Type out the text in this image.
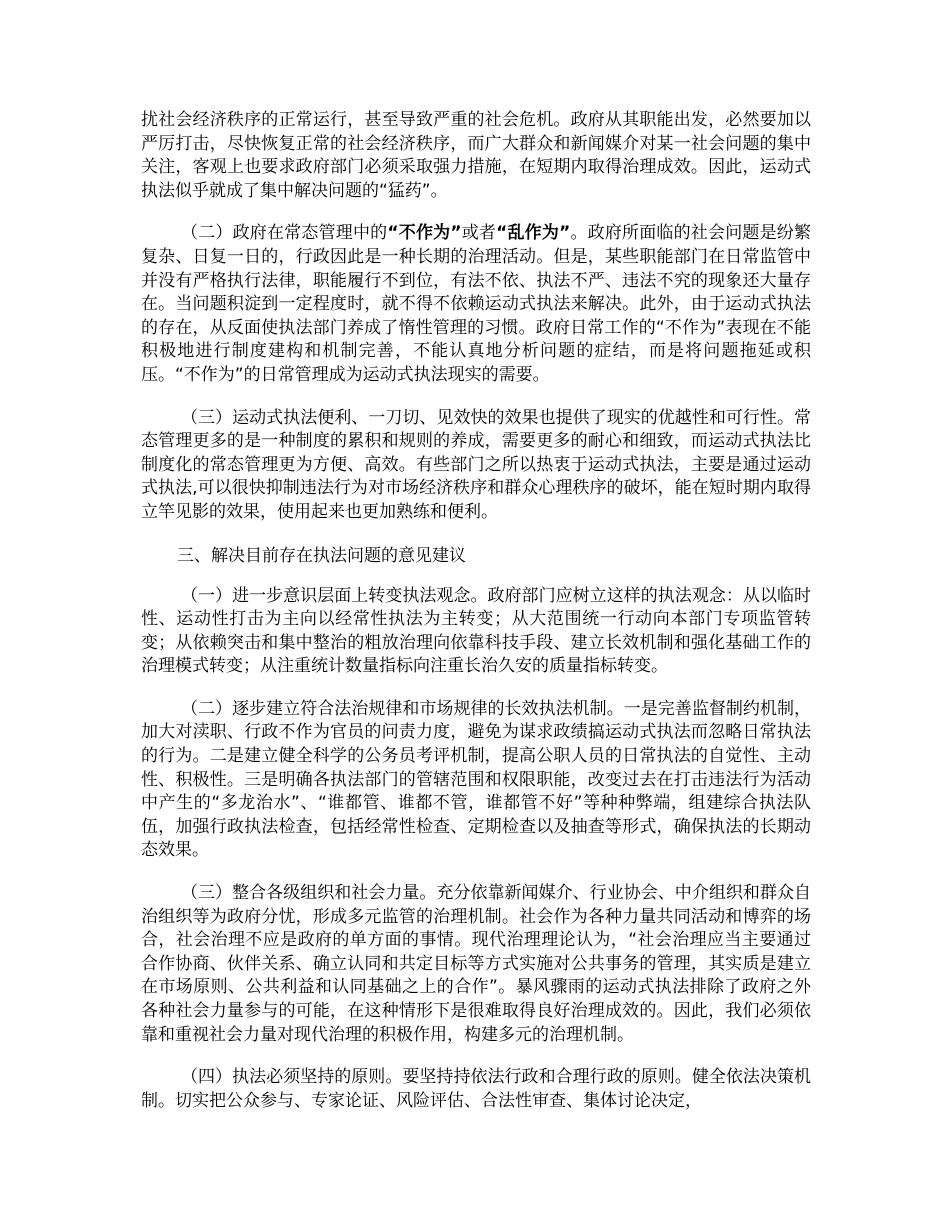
扰社会经济秩序的正常运行，甚至导致严重的社会危机。政府从其职能出发，必然要加以严厉打击，尽快恢复正常的社会经济秩序，而广大群众和新闻媒介对某一社会问题的集中关注，客观上也要求政府部门必须采取强力措施，在短期内取得治理成效。因此，运动式执法似乎就成了集中解决问题的“猛药”。

（二）政府在常态管理中的“不作为”或者“乱作为”。政府所面临的社会问题是纷繁复杂、日复一日的，行政因此是一种长期的治理活动。但是，某些职能部门在日常监管中并没有严格执行法律，职能履行不到位，有法不依、执法不严、违法不究的现象还大量存在。当问题积淀到一定程度时，就不得不依赖运动式执法来解决。此外，由于运动式执法的存在，从反面使执法部门养成了惰性管理的习惯。政府日常工作的“不作为”表现在不能积极地进行制度建构和机制完善，不能认真地分析问题的症结，而是将问题拖延或积压。“不作为”的日常管理成为运动式执法现实的需要。

（三）运动式执法便利、一刀切、见效快的效果也提供了现实的优越性和可行性。常态管理更多的是一种制度的累积和规则的养成，需要更多的耐心和细致，而运动式执法比制度化的常态管理更为方便、高效。有些部门之所以热衷于运动式执法，主要是通过运动式执法,可以很快抑制违法行为对市场经济秩序和群众心理秩序的破坏，能在短时期内取得立竿见影的效果，使用起来也更加熟练和便利。

三、解决目前存在执法问题的意见建议

（一）进一步意识层面上转变执法观念。政府部门应树立这样的执法观念：从以临时性、运动性打击为主向以经常性执法为主转变；从大范围统一行动向本部门专项监管转变；从依赖突击和集中整治的粗放治理向依靠科技手段、建立长效机制和强化基础工作的治理模式转变；从注重统计数量指标向注重长治久安的质量指标转变。

（二）逐步建立符合法治规律和市场规律的长效执法机制。一是完善监督制约机制，加大对渎职、行政不作为官员的问责力度，避免为谋求政绩搞运动式执法而忽略日常执法的行为。二是建立健全科学的公务员考评机制，提高公职人员的日常执法的自觉性、主动性、积极性。三是明确各执法部门的管辖范围和权限职能，改变过去在打击违法行为活动中产生的“多龙治水”、“谁都管、谁都不管，谁都管不好”等种种弊端，组建综合执法队伍，加强行政执法检查，包括经常性检查、定期检查以及抽查等形式，确保执法的长期动态效果。

（三）整合各级组织和社会力量。充分依靠新闻媒介、行业协会、中介组织和群众自治组织等为政府分忧，形成多元监管的治理机制。社会作为各种力量共同活动和博弈的场合，社会治理不应是政府的单方面的事情。现代治理理论认为，“社会治理应当主要通过合作协商、伙伴关系、确立认同和共定目标等方式实施对公共事务的管理，其实质是建立在市场原则、公共利益和认同基础之上的合作”。暴风骤雨的运动式执法排除了政府之外各种社会力量参与的可能，在这种情形下是很难取得良好治理成效的。因此，我们必须依靠和重视社会力量对现代治理的积极作用，构建多元的治理机制。

（四）执法必须坚持的原则。要坚持持依法行政和合理行政的原则。健全依法决策机制。切实把公众参与、专家论证、风险评估、合法性审查、集体讨论决定，
